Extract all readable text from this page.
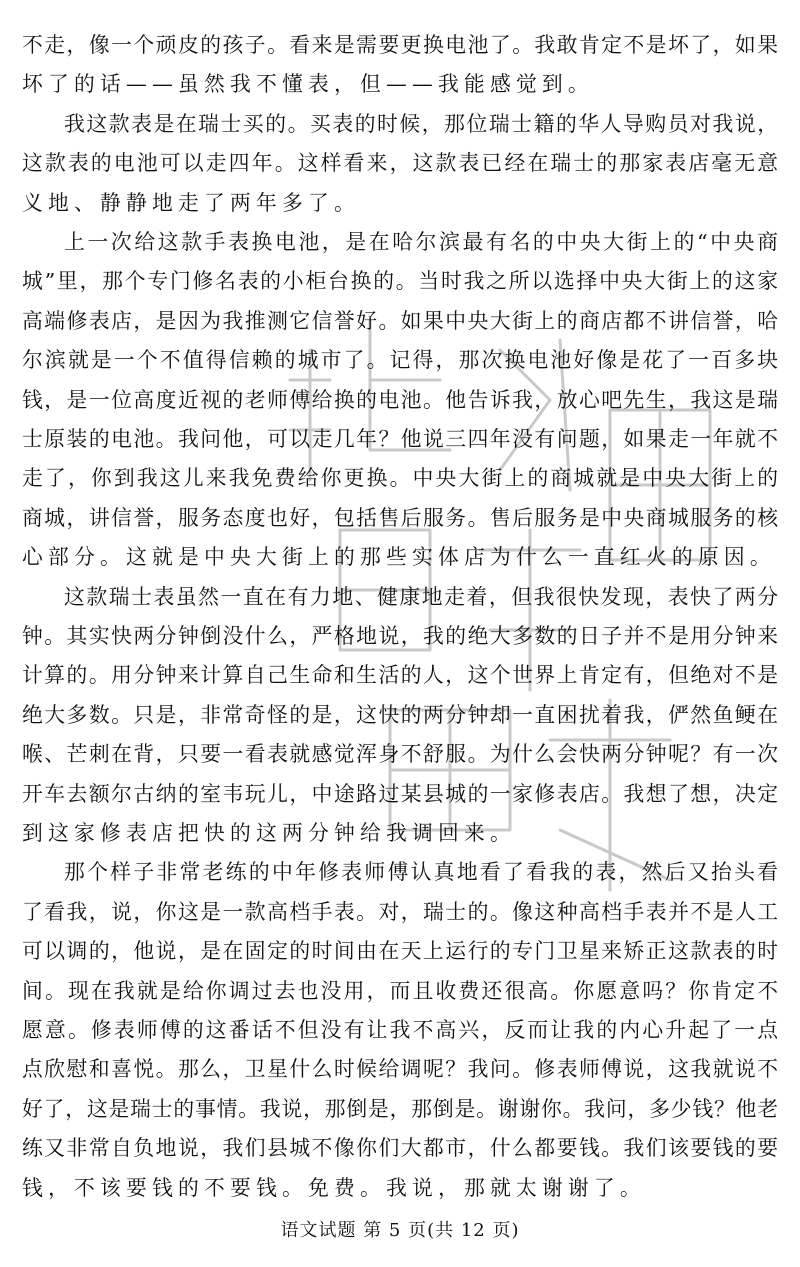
不走，像一个顽皮的孩子。看来是需要更换电池了。我敢肯定不是坏了，如果
坏了的话——虽然我不懂表，但——我能感觉到。
我这款表是在瑞士买的。买表的时候，那位瑞士籍的华人导购员对我说，
这款表的电池可以走四年。这样看来，这款表已经在瑞士的那家表店毫无意
义地、静静地走了两年多了。
上一次给这款手表换电池，是在哈尔滨最有名的中央大街上的“中央商
城”里，那个专门修名表的小柜台换的。当时我之所以选择中央大街上的这家
高端修表店，是因为我推测它信誉好。如果中央大街上的商店都不讲信誉，哈
尔滨就是一个不值得信赖的城市了。记得，那次换电池好像是花了一百多块
钱，是一位高度近视的老师傅给换的电池。他告诉我，放心吧先生，我这是瑞
士原装的电池。我问他，可以走几年？他说三四年没有问题，如果走一年就不
走了，你到我这儿来我免费给你更换。中央大街上的商城就是中央大街上的
商城，讲信誉，服务态度也好，包括售后服务。售后服务是中央商城服务的核
心部分。这就是中央大街上的那些实体店为什么一直红火的原因。
这款瑞士表虽然一直在有力地、健康地走着，但我很快发现，表快了两分
钟。其实快两分钟倒没什么，严格地说，我的绝大多数的日子并不是用分钟来
计算的。用分钟来计算自己生命和生活的人，这个世界上肯定有，但绝对不是
绝大多数。只是，非常奇怪的是，这快的两分钟却一直困扰着我，俨然鱼鲠在
喉、芒刺在背，只要一看表就感觉浑身不舒服。为什么会快两分钟呢？有一次
开车去额尔古纳的室韦玩儿，中途路过某县城的一家修表店。我想了想，决定
到这家修表店把快的这两分钟给我调回来。
那个样子非常老练的中年修表师傅认真地看了看我的表，然后又抬头看
了看我，说，你这是一款高档手表。对，瑞士的。像这种高档手表并不是人工
可以调的，他说，是在固定的时间由在天上运行的专门卫星来矫正这款表的时
间。现在我就是给你调过去也没用，而且收费还很高。你愿意吗？你肯定不
愿意。修表师傅的这番话不但没有让我不高兴，反而让我的内心升起了一点
点欣慰和喜悦。那么，卫星什么时候给调呢？我问。修表师傅说，这我就说不
语文试题 第 5 页(共 12 页)
好了，这是瑞士的事情。我说，那倒是，那倒是。谢谢你。我问，多少钱？他老
练又非常自负地说，我们县城不像你们大都市，什么都要钱。我们该要钱的要
钱，不该要钱的不要钱。免费。我说，那就太谢谢了。
